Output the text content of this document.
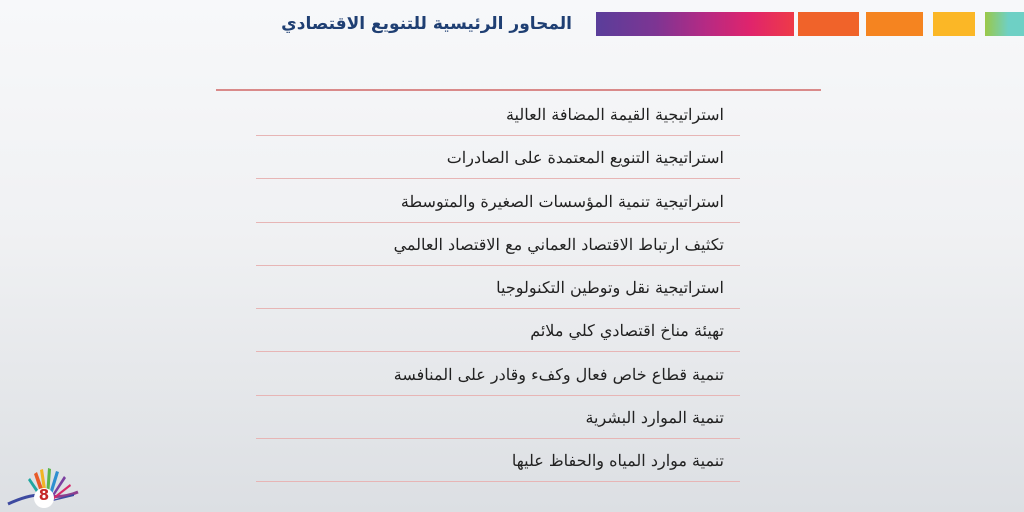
المحاور الرئيسية للتنويع الاقتصادي
استراتيجية القيمة المضافة العالية
استراتيجية التنويع المعتمدة على الصادرات
استراتيجية تنمية المؤسسات الصغيرة والمتوسطة
تكثيف ارتباط الاقتصاد العماني مع الاقتصاد العالمي
استراتيجية نقل وتوطين التكنولوجيا
تهيئة مناخ اقتصادي كلي ملائم
تنمية قطاع خاص فعال وكفء وقادر على المنافسة
تنمية الموارد البشرية
تنمية موارد المياه والحفاظ عليها
8
